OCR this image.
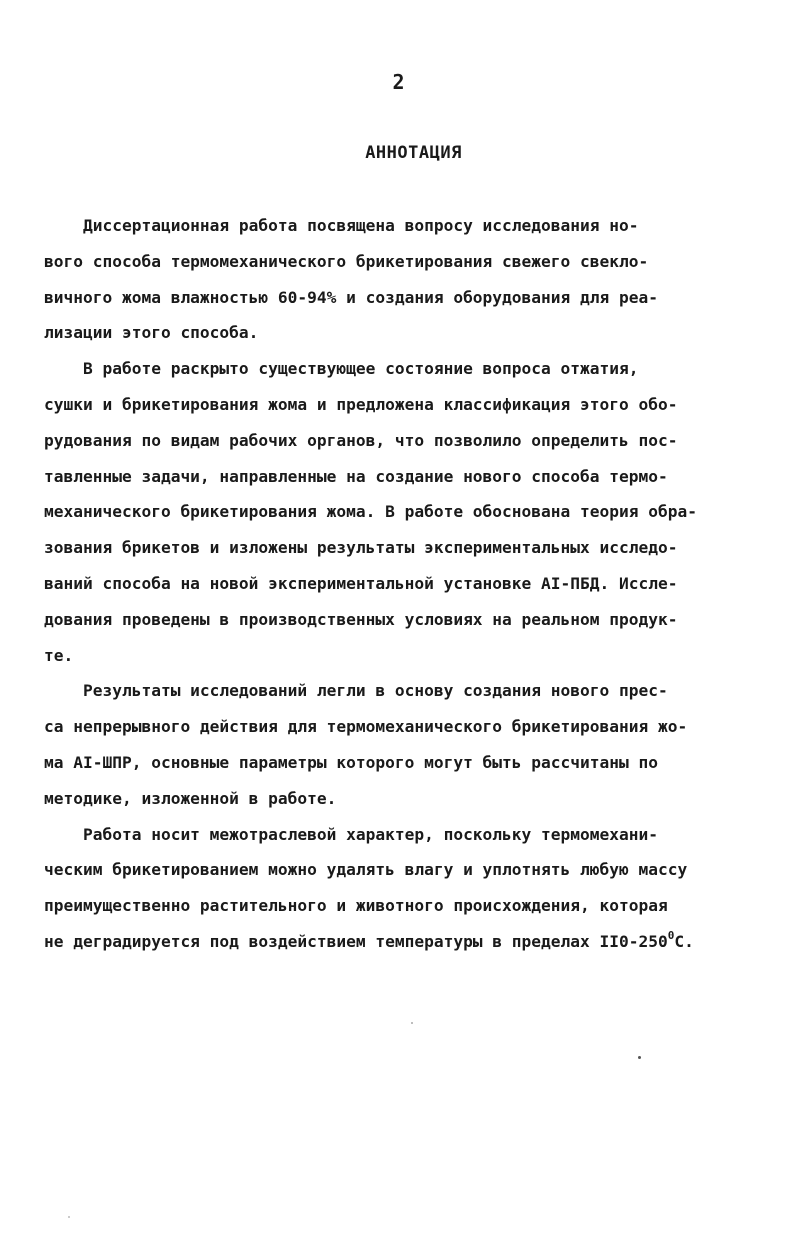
2
АННОТАЦИЯ
Диссертационная работа посвящена вопросу исследования но-
вого способа термомеханического брикетирования свежего свекло-
вичного жома влажностью 60-94% и создания оборудования для реа-
лизации этого способа.
В работе раскрыто существующее состояние вопроса отжатия,
сушки и брикетирования жома и предложена классификация этого обо-
рудования по видам рабочих органов, что позволило определить пос-
тавленные задачи, направленные на создание нового способа термо-
механического брикетирования жома. В работе обоснована теория обра-
зования брикетов и изложены результаты экспериментальных исследо-
ваний способа на новой экспериментальной установке АI-ПБД. Иссле-
дования проведены в производственных условиях на реальном продук-
те.
Результаты исследований легли в основу создания нового прес-
са непрерывного действия для термомеханического брикетирования жо-
ма АI-ШПР, основные параметры которого могут быть рассчитаны по
методике, изложенной в работе.
Работа носит межотраслевой характер, поскольку термомехани-
ческим брикетированием можно удалять влагу и уплотнять любую массу
преимущественно растительного и животного происхождения, которая
не деградируется под воздействием температуры в пределах $II0-250^0С$.
